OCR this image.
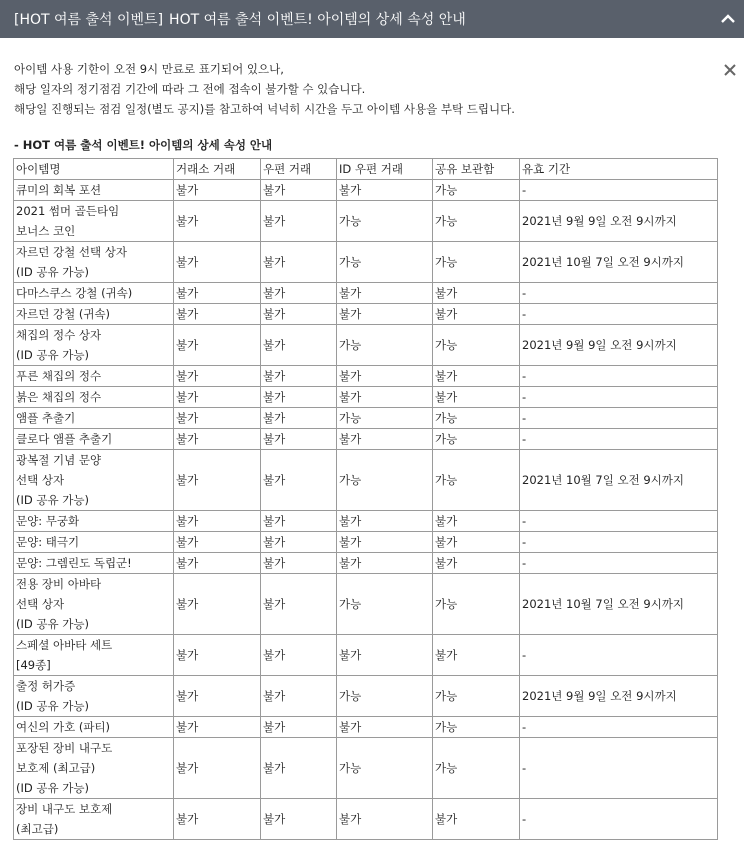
[HOT 여름 출석 이벤트] HOT 여름 출석 이벤트! 아이템의 상세 속성 안내

아이템 사용 기한이 오전 9시 만료로 표기되어 있으나,

해당 일자의 정기점검 기간에 따라 그 전에 접속이 불가할 수 있습니다.

해당일 진행되는 점검 일정(별도 공지)를 참고하여 넉넉히 시간을 두고 아이템 사용을 부탁 드립니다.

- HOT 여름 출석 이벤트! 아이템의 상세 속성 안내
아이템명	거래소 거래	우편 거래	ID 우편 거래	공유 보관함	유효 기간

큐미의 회복 포션	불가	불가	불가	가능	-

2021 썸머 골든타임
보너스 코인	불가	불가	가능	가능	2021년 9월 9일 오전 9시까지

자르던 강철 선택 상자
(ID 공유 가능)	불가	불가	가능	가능	2021년 10월 7일 오전 9시까지

다마스쿠스 강철 (귀속)	불가	불가	불가	불가	-

자르던 강철 (귀속)	불가	불가	불가	불가	-

채집의 정수 상자
(ID 공유 가능)	불가	불가	가능	가능	2021년 9월 9일 오전 9시까지

푸른 채집의 정수	불가	불가	불가	불가	-

붉은 채집의 정수	불가	불가	불가	불가	-

앰플 추출기	불가	불가	가능	가능	-

클로다 앰플 추출기	불가	불가	불가	가능	-

광복절 기념 문양
선택 상자
(ID 공유 가능)	불가	불가	가능	가능	2021년 10월 7일 오전 9시까지

문양: 무궁화	불가	불가	불가	불가	-

문양: 태극기	불가	불가	불가	불가	-

문양: 그렘린도 독립군!	불가	불가	불가	불가	-

전용 장비 아바타
선택 상자
(ID 공유 가능)	불가	불가	가능	가능	2021년 10월 7일 오전 9시까지

스페셜 아바타 세트
[49종]	불가	불가	불가	불가	-

출정 허가증
(ID 공유 가능)	불가	불가	가능	가능	2021년 9월 9일 오전 9시까지

여신의 가호 (파티)	불가	불가	불가	가능	-

포장된 장비 내구도
보호제 (최고급)
(ID 공유 가능)	불가	불가	가능	가능	-

장비 내구도 보호제
(최고급)	불가	불가	불가	불가	-
